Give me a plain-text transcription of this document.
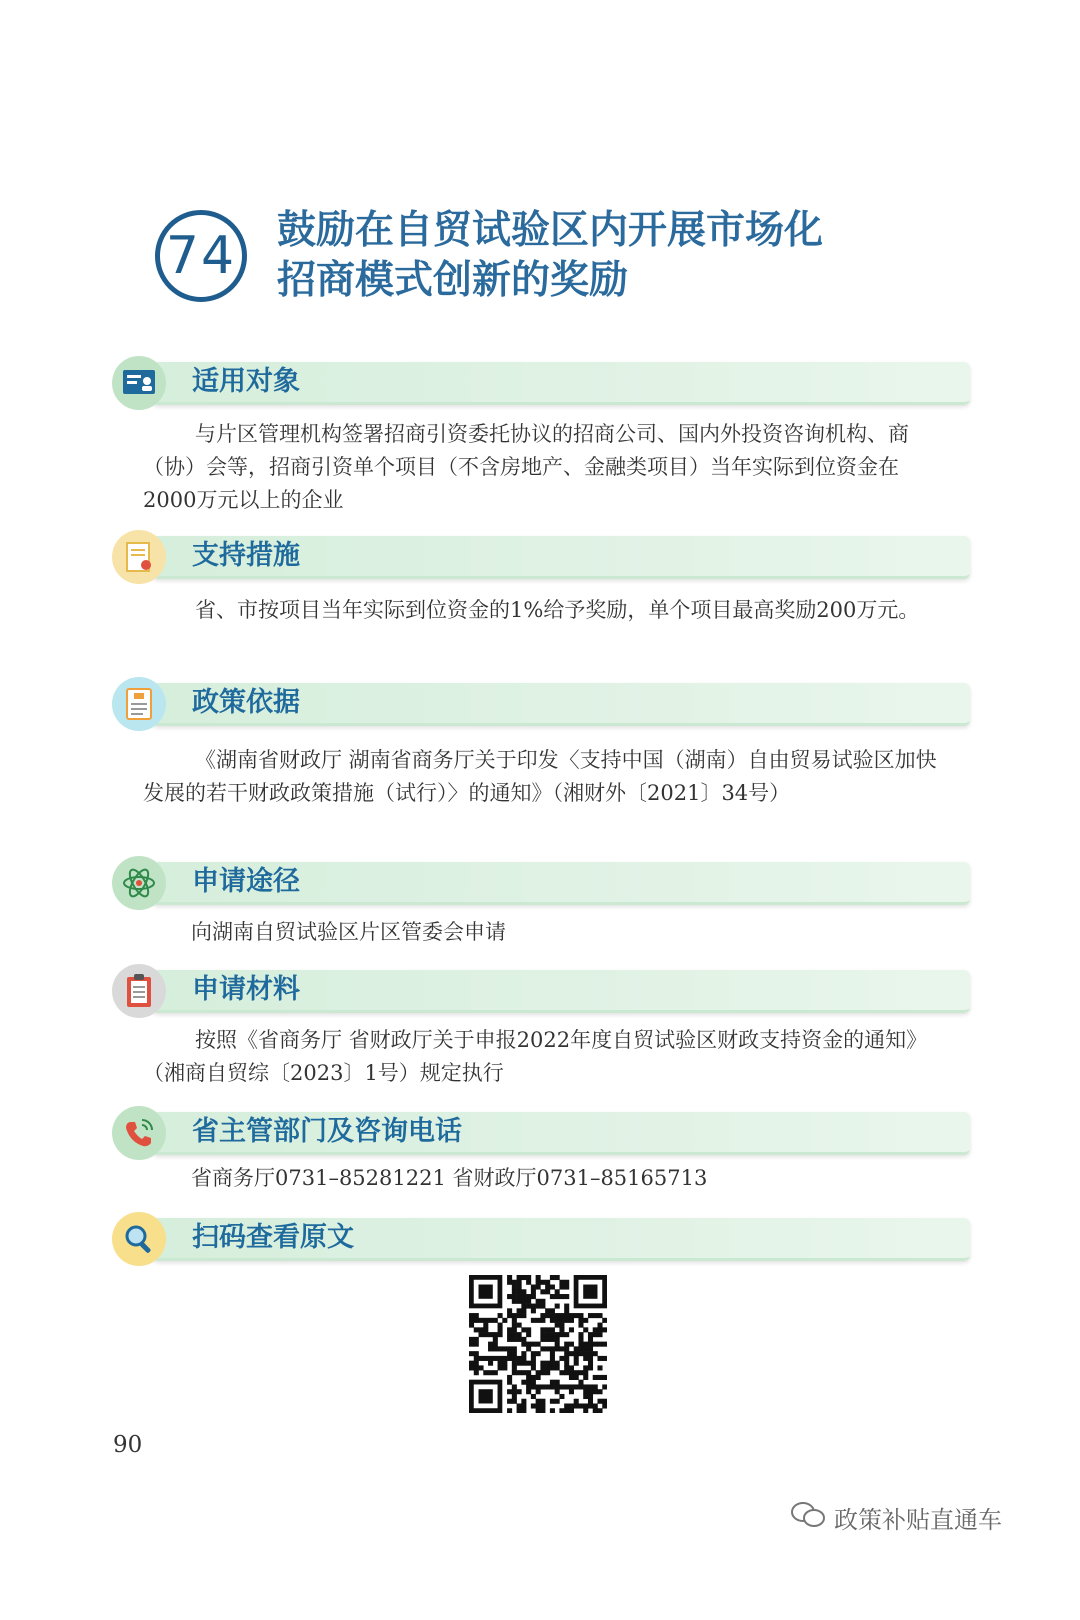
74 鼓励在自贸试验区内开展市场化
招商模式创新的奖励
适用对象
与片区管理机构签署招商引资委托协议的招商公司、国内外投资咨询机构、商（协）会等，招商引资单个项目（不含房地产、金融类项目）当年实际到位资金在2000万元以上的企业
支持措施
省、市按项目当年实际到位资金的1%给予奖励，单个项目最高奖励200万元。
政策依据
《湖南省财政厅 湖南省商务厅关于印发〈支持中国（湖南）自由贸易试验区加快发展的若干财政政策措施（试行）〉的通知》（湘财外〔2021〕34号）
申请途径
向湖南自贸试验区片区管委会申请
申请材料
按照《省商务厅 省财政厅关于申报2022年度自贸试验区财政支持资金的通知》（湘商自贸综〔2023〕1号）规定执行
省主管部门及咨询电话
省商务厅0731–85281221 省财政厅0731–85165713
扫码查看原文
90
政策补贴直通车
